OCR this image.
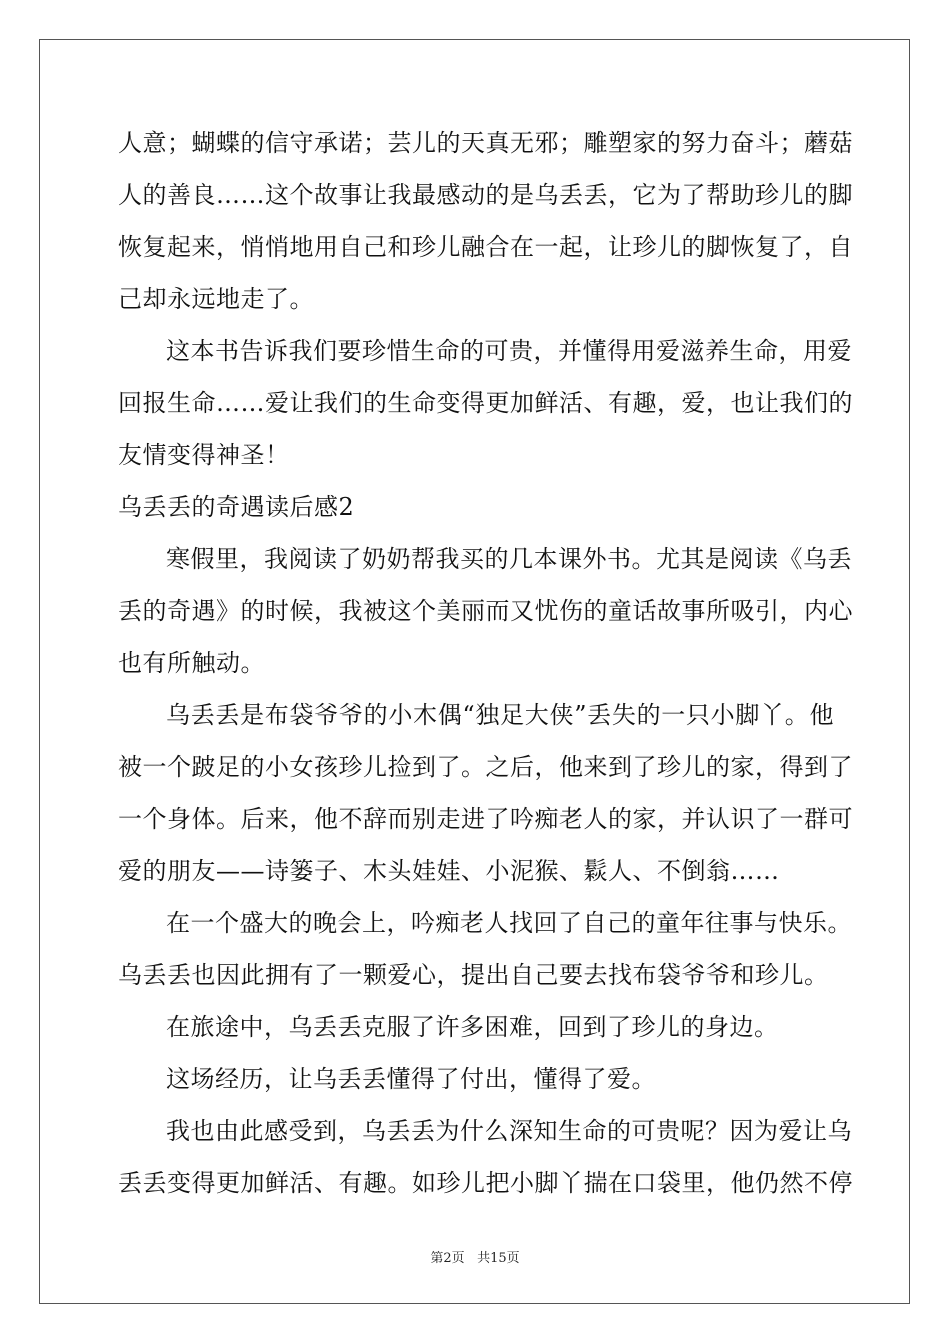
人意；蝴蝶的信守承诺；芸儿的天真无邪；雕塑家的努力奋斗；蘑菇
人的善良……这个故事让我最感动的是乌丢丢，它为了帮助珍儿的脚
恢复起来，悄悄地用自己和珍儿融合在一起，让珍儿的脚恢复了，自
己却永远地走了。
这本书告诉我们要珍惜生命的可贵，并懂得用爱滋养生命，用爱
回报生命……爱让我们的生命变得更加鲜活、有趣，爱，也让我们的
友情变得神圣！
乌丢丢的奇遇读后感2
寒假里，我阅读了奶奶帮我买的几本课外书。尤其是阅读《乌丢
丢的奇遇》的时候，我被这个美丽而又忧伤的童话故事所吸引，内心
也有所触动。
乌丢丢是布袋爷爷的小木偶“独足大侠”丢失的一只小脚丫。他
被一个跛足的小女孩珍儿捡到了。之后，他来到了珍儿的家，得到了
一个身体。后来，他不辞而别走进了吟痴老人的家，并认识了一群可
爱的朋友——诗篓子、木头娃娃、小泥猴、鬏人、不倒翁……
在一个盛大的晚会上，吟痴老人找回了自己的童年往事与快乐。
乌丢丢也因此拥有了一颗爱心，提出自己要去找布袋爷爷和珍儿。
在旅途中，乌丢丢克服了许多困难，回到了珍儿的身边。
这场经历，让乌丢丢懂得了付出，懂得了爱。
我也由此感受到，乌丢丢为什么深知生命的可贵呢？因为爱让乌
丢丢变得更加鲜活、有趣。如珍儿把小脚丫揣在口袋里，他仍然不停
第2页 共15页
